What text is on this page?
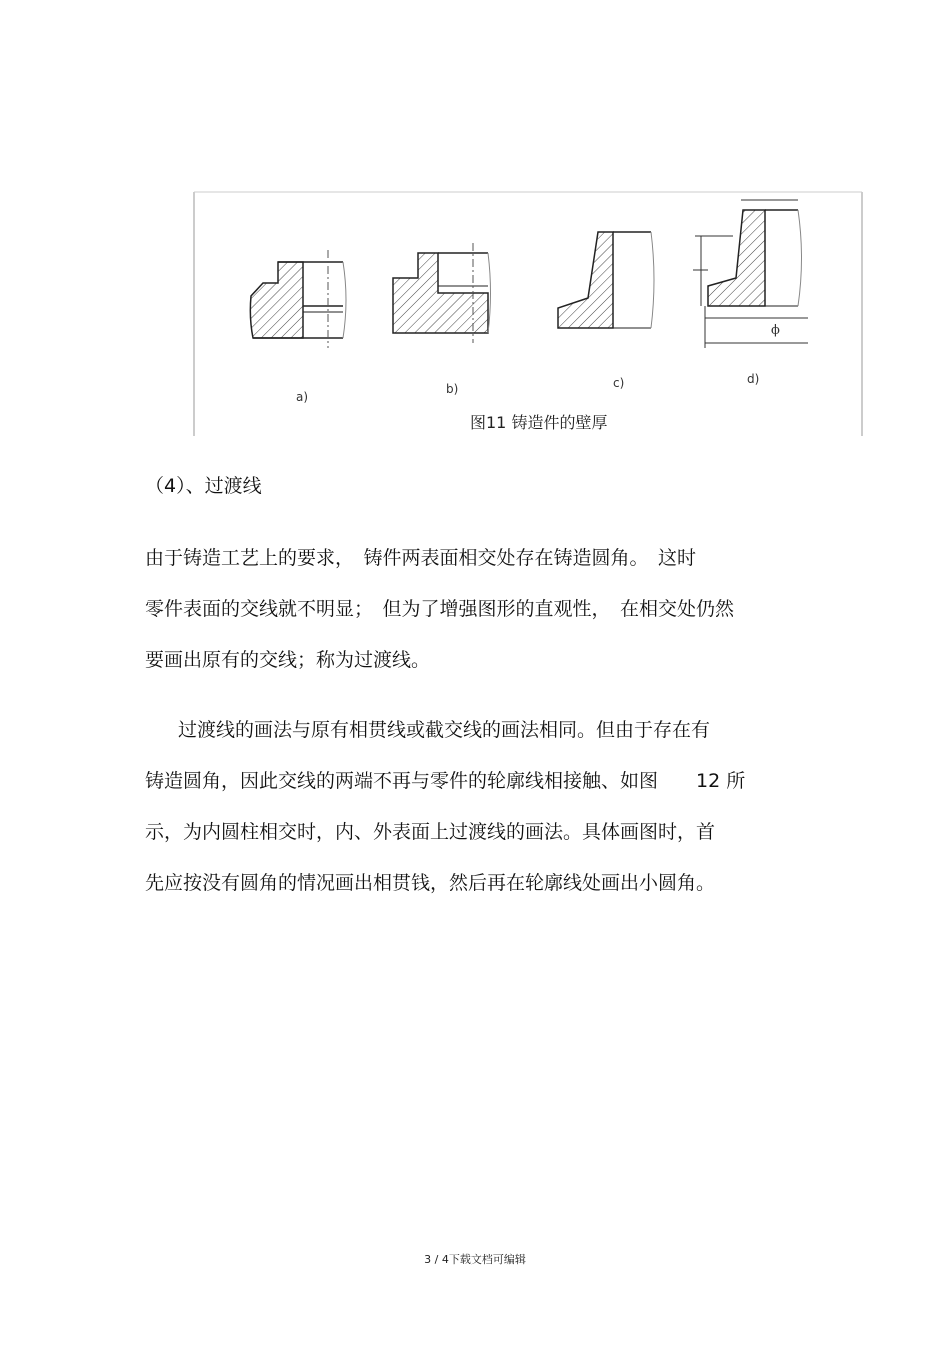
ϕ
a)
b)	c)	d)
图11 铸造件的壁厚
（4）、过渡线
由于铸造工艺上的要求，　铸件两表面相交处存在铸造圆角。　这时
零件表面的交线就不明显；　但为了增强图形的直观性，　在相交处仍然
要画出原有的交线；称为过渡线。
过渡线的画法与原有相贯线或截交线的画法相同。但由于存在有
铸造圆角，因此交线的两端不再与零件的轮廓线相接触、如图　　12 所
示，为内圆柱相交时，内、外表面上过渡线的画法。具体画图时，首
先应按没有圆角的情况画出相贯钱，然后再在轮廓线处画出小圆角。
3 / 4下载文档可编辑
